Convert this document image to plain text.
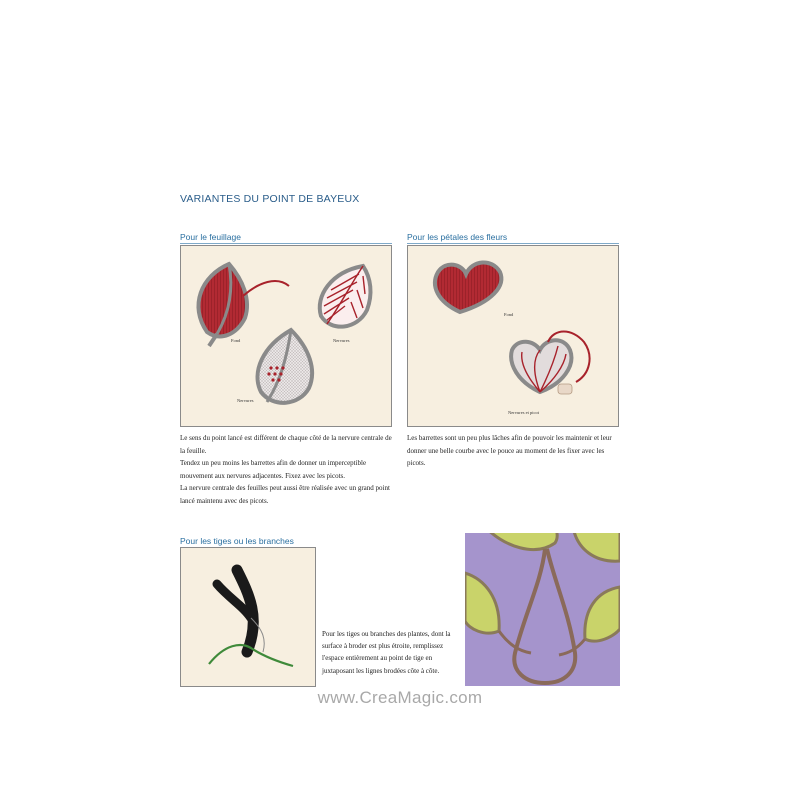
VARIANTES DU POINT DE BAYEUX
Pour le feuillage
Nervures
Fond
Nervures

Le sens du point lancé est différent de chaque côté de la nervure centrale de la feuille.

Tendez un peu moins les barrettes afin de donner un imperceptible mouvement aux nervures adjacentes. Fixez avec les picots.

La nervure centrale des feuilles peut aussi être réalisée avec un grand point lancé maintenu avec des picots.

Pour les pétales des fleurs
Fond
Nervures et picot

Les barrettes sont un peu plus lâches afin de pouvoir les maintenir et leur donner une belle courbe avec le pouce au moment de les fixer avec les picots.

Pour les tiges ou les branches

Pour les tiges ou branches des plantes, dont la surface à broder est plus étroite, remplissez l'espace entièrement au point de tige en juxtaposant les lignes brodées côte à côte.

www.CreaMagic.com
